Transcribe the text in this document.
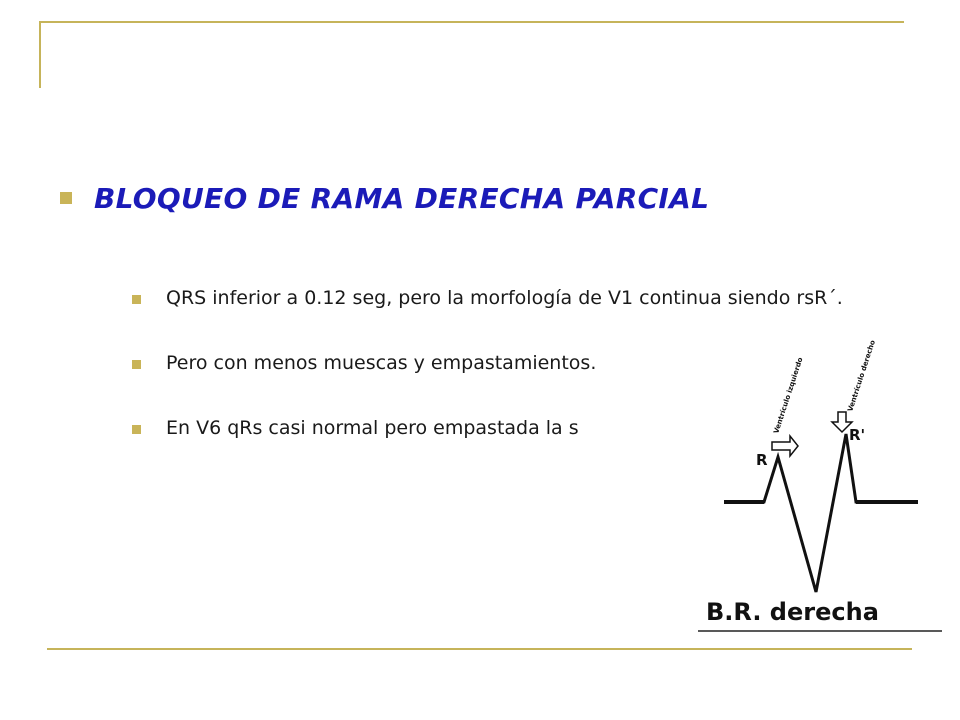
BLOQUEO DE RAMA DERECHA PARCIAL
QRS inferior a 0.12 seg, pero la morfología de V1 continua siendo rsR´.
Pero con menos muescas y empastamientos.
En V6 qRs casi normal pero empastada la s	Ventrículo izquierdo	Ventrículo derecho
R
R'
B.R. derecha
